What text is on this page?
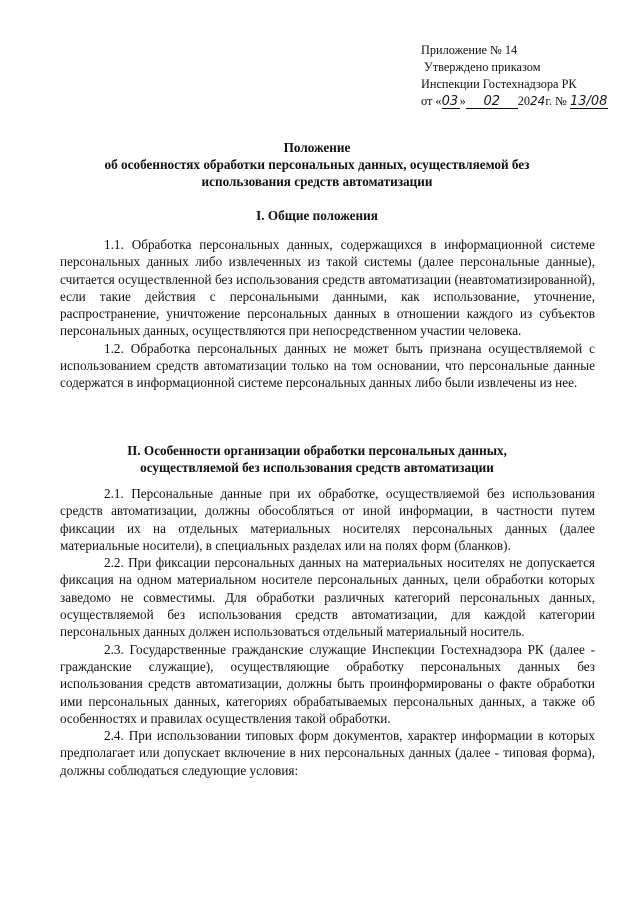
Приложение № 14
Утверждено приказом
Инспекции Гостехнадзора РК
от «03» 02 2024г. № 13/08
Положение
об особенностях обработки персональных данных, осуществляемой без
использования средств автоматизации
I. Общие положения

1.1. Обработка персональных данных, содержащихся в информационной системе персональных данных либо извлеченных из такой системы (далее персональные данные), считается осуществленной без использования средств автоматизации (неавтоматизированной), если такие действия с персональными данными, как использование, уточнение, распространение, уничтожение персональных данных в отношении каждого из субъектов персональных данных, осуществляются при непосредственном участии человека.

1.2. Обработка персональных данных не может быть признана осуществляемой с использованием средств автоматизации только на том основании, что персональные данные содержатся в информационной системе персональных данных либо были извлечены из нее.

II. Особенности организации обработки персональных данных,
осуществляемой без использования средств автоматизации

2.1. Персональные данные при их обработке, осуществляемой без использования средств автоматизации, должны обособляться от иной информации, в частности путем фиксации их на отдельных материальных носителях персональных данных (далее материальные носители), в специальных разделах или на полях форм (бланков).

2.2. При фиксации персональных данных на материальных носителях не допускается фиксация на одном материальном носителе персональных данных, цели обработки которых заведомо не совместимы. Для обработки различных категорий персональных данных, осуществляемой без использования средств автоматизации, для каждой категории персональных данных должен использоваться отдельный материальный носитель.

2.3. Государственные гражданские служащие Инспекции Гостехнадзора РК (далее - гражданские служащие), осуществляющие обработку персональных данных без использования средств автоматизации, должны быть проинформированы о факте обработки ими персональных данных, категориях обрабатываемых персональных данных, а также об особенностях и правилах осуществления такой обработки.

2.4. При использовании типовых форм документов, характер информации в которых предполагает или допускает включение в них персональных данных (далее - типовая форма), должны соблюдаться следующие условия:
